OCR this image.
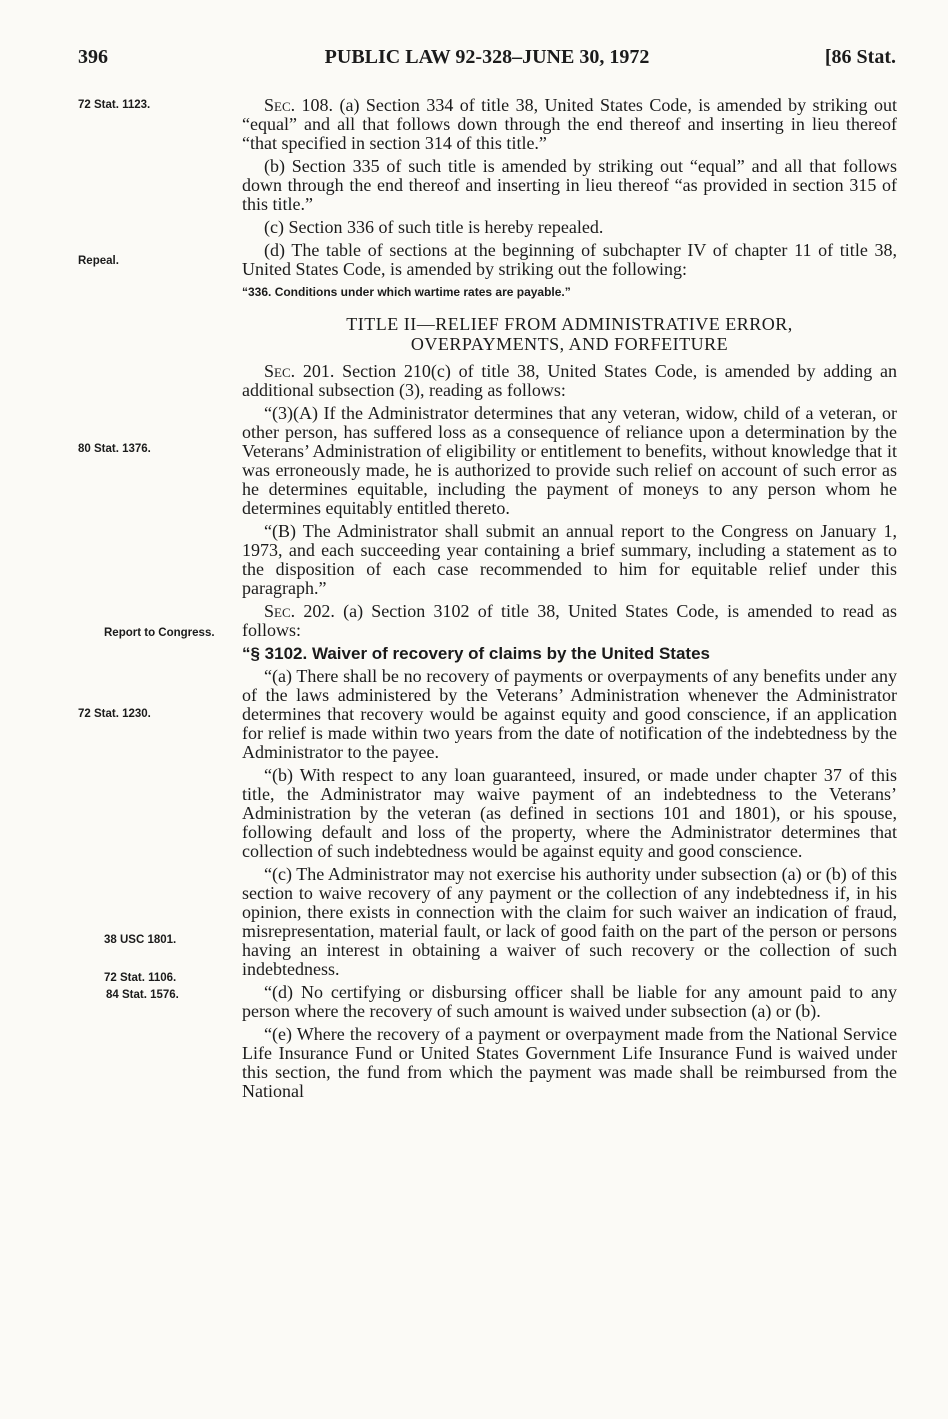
396	PUBLIC LAW 92-328–JUNE 30, 1972	[86 Stat.
72 Stat. 1123.
Repeal.
80 Stat. 1376.
Report to Congress.
72 Stat. 1230.
38 USC 1801.
72 Stat. 1106.
84 Stat. 1576.

Sec. 108. (a) Section 334 of title 38, United States Code, is amended by striking out “equal” and all that follows down through the end thereof and inserting in lieu thereof “that specified in section 314 of this title.”

(b) Section 335 of such title is amended by striking out “equal” and all that follows down through the end thereof and inserting in lieu thereof “as provided in section 315 of this title.”

(c) Section 336 of such title is hereby repealed.

(d) The table of sections at the beginning of subchapter IV of chapter 11 of title 38, United States Code, is amended by striking out the following:

“336. Conditions under which wartime rates are payable.”

TITLE II—RELIEF FROM ADMINISTRATIVE ERROR,
OVERPAYMENTS, AND FORFEITURE

Sec. 201. Section 210(c) of title 38, United States Code, is amended by adding an additional subsection (3), reading as follows:

“(3)(A) If the Administrator determines that any veteran, widow, child of a veteran, or other person, has suffered loss as a consequence of reliance upon a determination by the Veterans’ Administration of eligibility or entitlement to benefits, without knowledge that it was erroneously made, he is authorized to provide such relief on account of such error as he determines equitable, including the payment of moneys to any person whom he determines equitably entitled thereto.

“(B) The Administrator shall submit an annual report to the Congress on January 1, 1973, and each succeeding year containing a brief summary, including a statement as to the disposition of each case recommended to him for equitable relief under this paragraph.”

Sec. 202. (a) Section 3102 of title 38, United States Code, is amended to read as follows:

“§ 3102. Waiver of recovery of claims by the United States

“(a) There shall be no recovery of payments or overpayments of any benefits under any of the laws administered by the Veterans’ Administration whenever the Administrator determines that recovery would be against equity and good conscience, if an application for relief is made within two years from the date of notification of the indebtedness by the Administrator to the payee.

“(b) With respect to any loan guaranteed, insured, or made under chapter 37 of this title, the Administrator may waive payment of an indebtedness to the Veterans’ Administration by the veteran (as defined in sections 101 and 1801), or his spouse, following default and loss of the property, where the Administrator determines that collection of such indebtedness would be against equity and good conscience.

“(c) The Administrator may not exercise his authority under subsection (a) or (b) of this section to waive recovery of any payment or the collection of any indebtedness if, in his opinion, there exists in connection with the claim for such waiver an indication of fraud, misrepresentation, material fault, or lack of good faith on the part of the person or persons having an interest in obtaining a waiver of such recovery or the collection of such indebtedness.

“(d) No certifying or disbursing officer shall be liable for any amount paid to any person where the recovery of such amount is waived under subsection (a) or (b).

“(e) Where the recovery of a payment or overpayment made from the National Service Life Insurance Fund or United States Government Life Insurance Fund is waived under this section, the fund from which the payment was made shall be reimbursed from the National
